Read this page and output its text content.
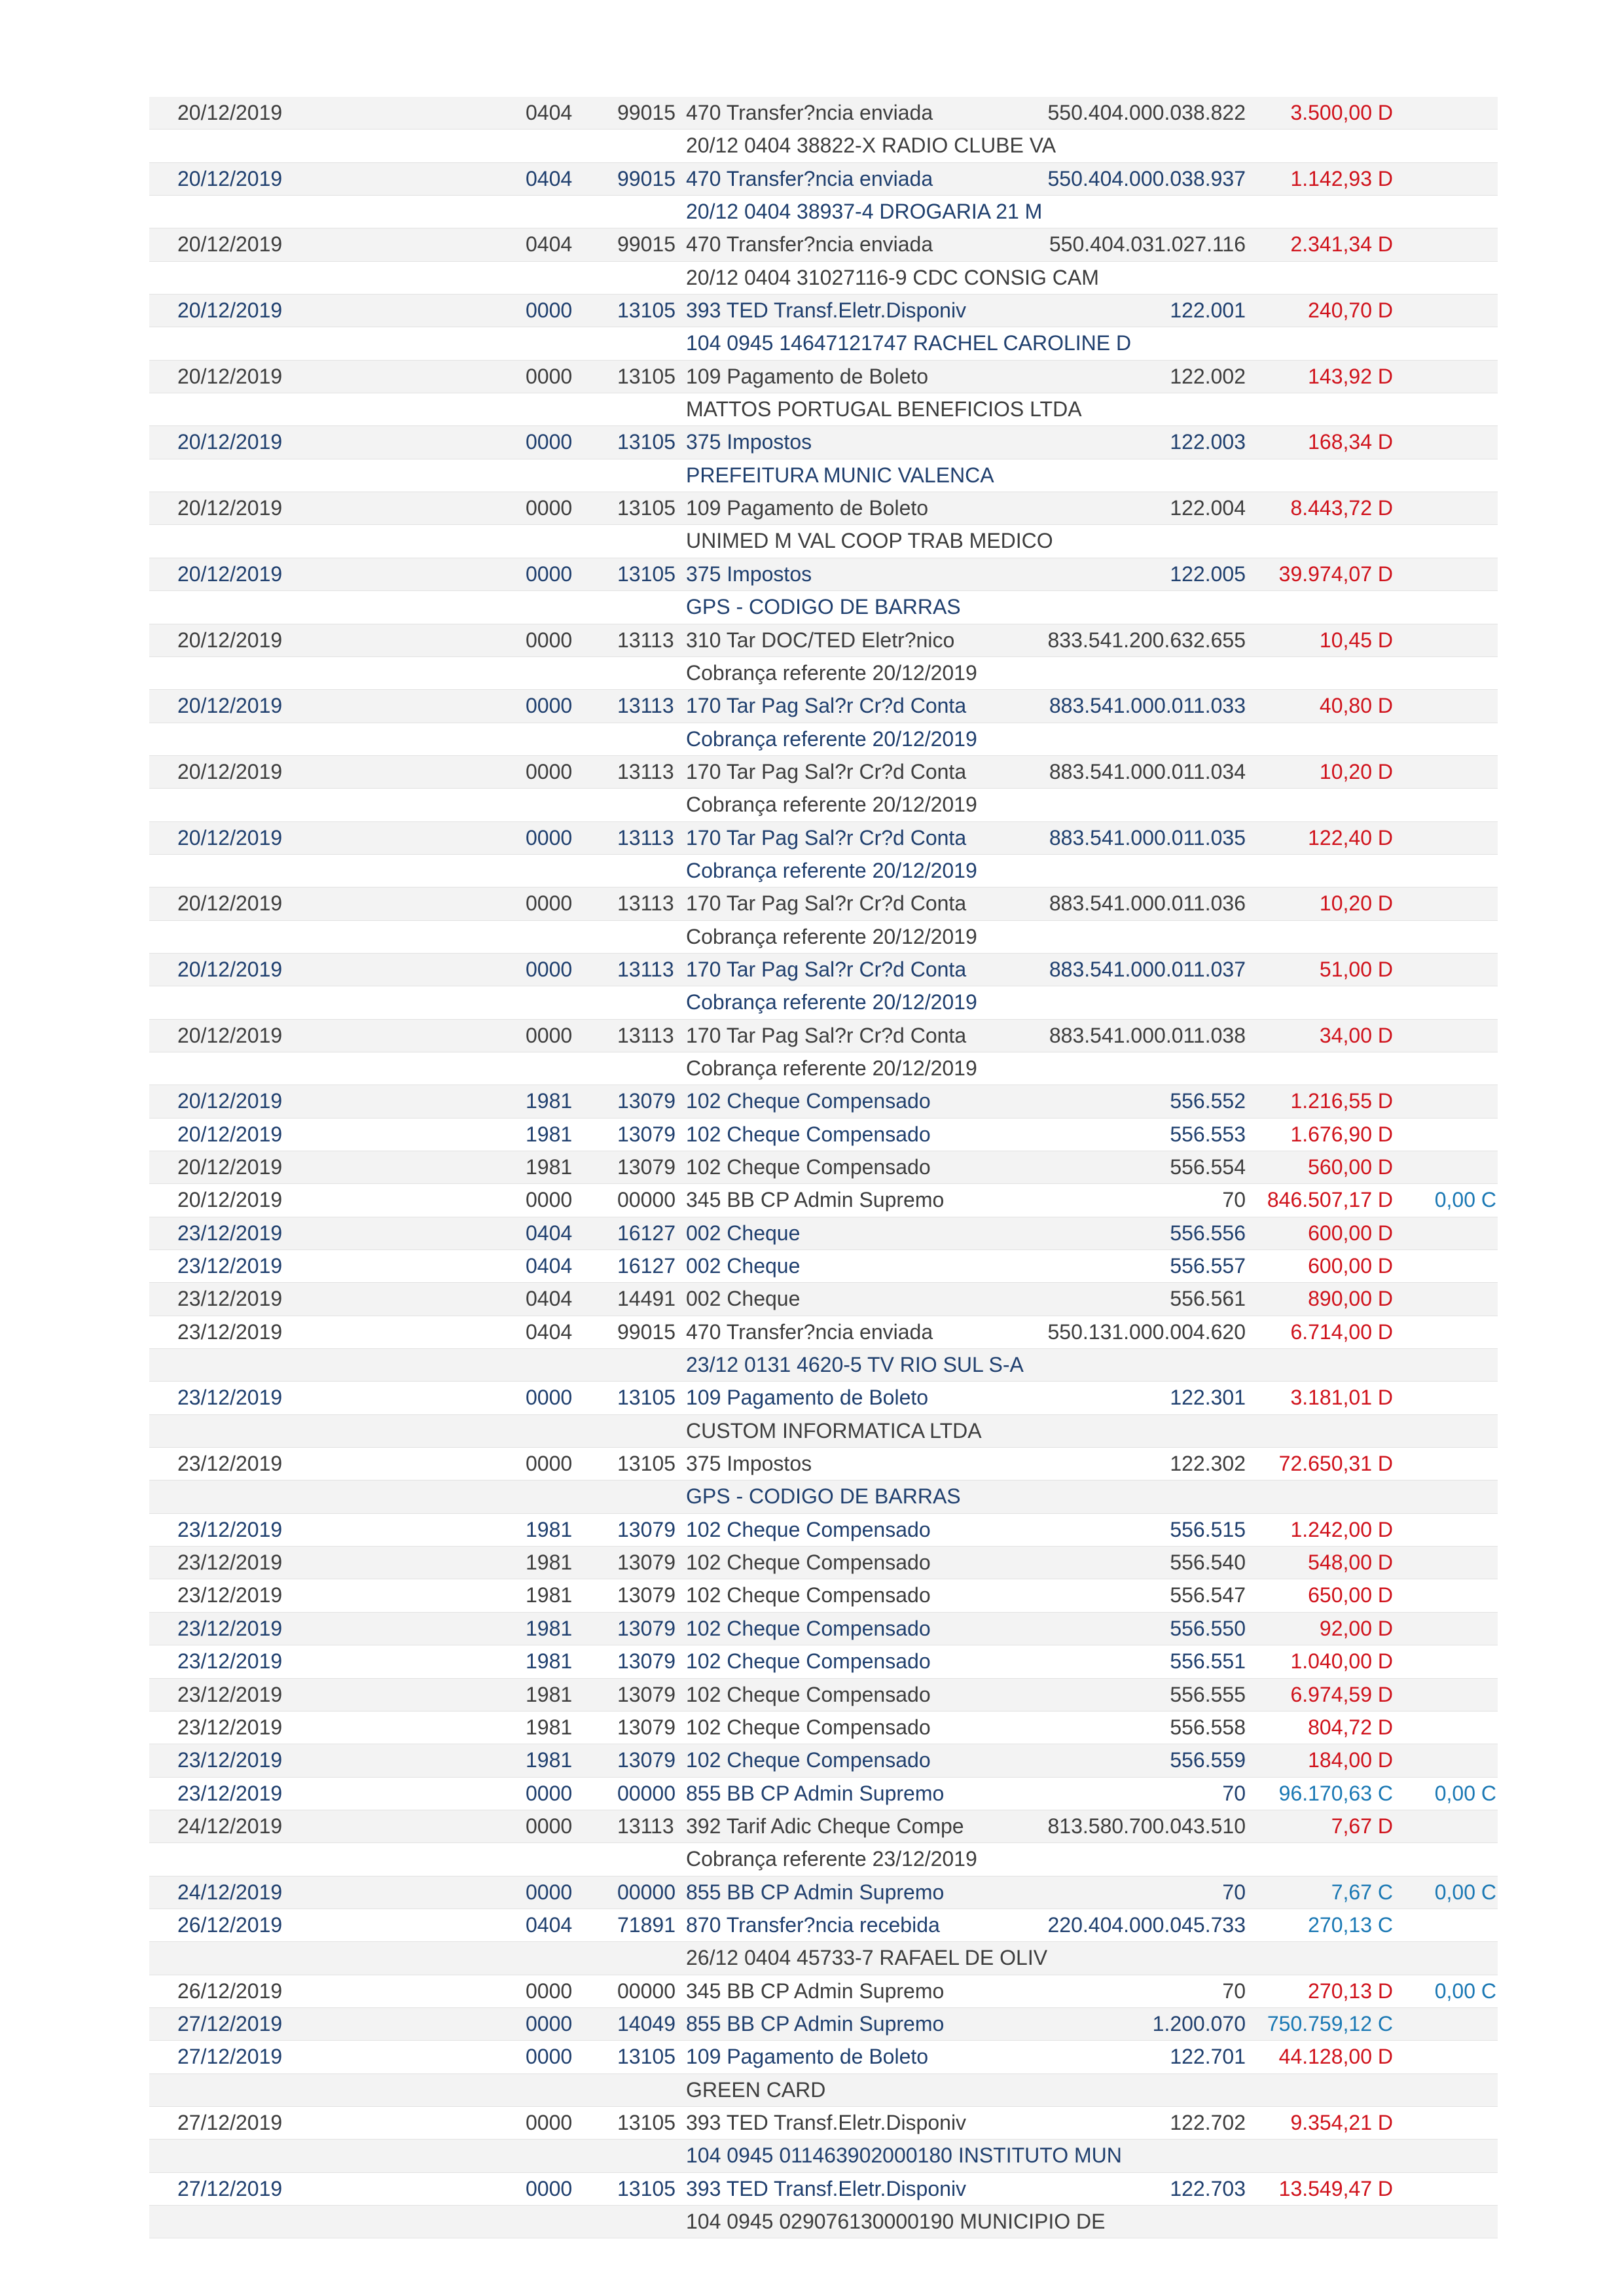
20/12/2019	0404 99015 470 Transfer?ncia enviada	550.404.000.038.822 3.500,00 D
20/12 0404 38822-X RADIO CLUBE VA
20/12/2019	0404 99015 470 Transfer?ncia enviada	550.404.000.038.937 1.142,93 D
20/12 0404 38937-4 DROGARIA 21 M
20/12/2019	0404 99015 470 Transfer?ncia enviada	550.404.031.027.116 2.341,34 D
20/12 0404 31027116-9 CDC CONSIG CAM
20/12/2019	0000 13105 393 TED Transf.Eletr.Disponiv	122.001	240,70 D
104 0945 14647121747 RACHEL CAROLINE D
20/12/2019	0000 13105 109 Pagamento de Boleto	122.002	143,92 D
MATTOS PORTUGAL BENEFICIOS LTDA
20/12/2019	0000 13105 375 Impostos	122.003	168,34 D
PREFEITURA MUNIC VALENCA
20/12/2019	0000 13105 109 Pagamento de Boleto	122.004 8.443,72 D
UNIMED M VAL COOP TRAB MEDICO
20/12/2019	0000 13105 375 Impostos	122.005 39.974,07 D
GPS - CODIGO DE BARRAS
20/12/2019	0000 13113 310 Tar DOC/TED Eletr?nico	833.541.200.632.655	10,45 D
Cobrança referente 20/12/2019
20/12/2019	0000 13113 170 Tar Pag Sal?r Cr?d Conta	883.541.000.011.033	40,80 D
Cobrança referente 20/12/2019
20/12/2019	0000 13113 170 Tar Pag Sal?r Cr?d Conta	883.541.000.011.034	10,20 D
Cobrança referente 20/12/2019
20/12/2019	0000 13113 170 Tar Pag Sal?r Cr?d Conta	883.541.000.011.035	122,40 D
Cobrança referente 20/12/2019
20/12/2019	0000 13113 170 Tar Pag Sal?r Cr?d Conta	883.541.000.011.036	10,20 D
Cobrança referente 20/12/2019
20/12/2019	0000 13113 170 Tar Pag Sal?r Cr?d Conta	883.541.000.011.037	51,00 D
Cobrança referente 20/12/2019
20/12/2019	0000 13113 170 Tar Pag Sal?r Cr?d Conta	883.541.000.011.038	34,00 D
Cobrança referente 20/12/2019
20/12/2019	1981 13079 102 Cheque Compensado	556.552 1.216,55 D
20/12/2019	1981 13079 102 Cheque Compensado	556.553 1.676,90 D
20/12/2019	1981 13079 102 Cheque Compensado	556.554	560,00 D
20/12/2019	0000 00000 345 BB CP Admin Supremo	70 846.507,17 D 0,00 C
23/12/2019	0404 16127 002 Cheque	556.556	600,00 D
23/12/2019	0404 16127 002 Cheque	556.557	600,00 D
23/12/2019	0404 14491 002 Cheque	556.561	890,00 D
23/12/2019	0404 99015 470 Transfer?ncia enviada	550.131.000.004.620 6.714,00 D
23/12 0131 4620-5 TV RIO SUL S-A
23/12/2019	0000 13105 109 Pagamento de Boleto	122.301 3.181,01 D
CUSTOM INFORMATICA LTDA
23/12/2019	0000 13105 375 Impostos	122.302 72.650,31 D
GPS - CODIGO DE BARRAS
23/12/2019	1981 13079 102 Cheque Compensado	556.515 1.242,00 D
23/12/2019	1981 13079 102 Cheque Compensado	556.540	548,00 D
23/12/2019	1981 13079 102 Cheque Compensado	556.547	650,00 D
23/12/2019	1981 13079 102 Cheque Compensado	556.550	92,00 D
23/12/2019	1981 13079 102 Cheque Compensado	556.551 1.040,00 D
23/12/2019	1981 13079 102 Cheque Compensado	556.555 6.974,59 D
23/12/2019	1981 13079 102 Cheque Compensado	556.558	804,72 D
23/12/2019	1981 13079 102 Cheque Compensado	556.559	184,00 D
23/12/2019	0000 00000 855 BB CP Admin Supremo	70 96.170,63 C 0,00 C
24/12/2019	0000 13113 392 Tarif Adic Cheque Compe	813.580.700.043.510	7,67 D
Cobrança referente 23/12/2019
24/12/2019	0000 00000 855 BB CP Admin Supremo	70	7,67 C 0,00 C
26/12/2019	0404 71891 870 Transfer?ncia recebida	220.404.000.045.733	270,13 C
26/12 0404 45733-7 RAFAEL DE OLIV
26/12/2019	0000 00000 345 BB CP Admin Supremo	70	270,13 D 0,00 C
27/12/2019	0000 14049 855 BB CP Admin Supremo	1.200.070 750.759,12 C
27/12/2019	0000 13105 109 Pagamento de Boleto	122.701 44.128,00 D
GREEN CARD
27/12/2019	0000 13105 393 TED Transf.Eletr.Disponiv	122.702 9.354,21 D
104 0945 011463902000180 INSTITUTO MUN
27/12/2019	0000 13105 393 TED Transf.Eletr.Disponiv	122.703 13.549,47 D
104 0945 029076130000190 MUNICIPIO DE
